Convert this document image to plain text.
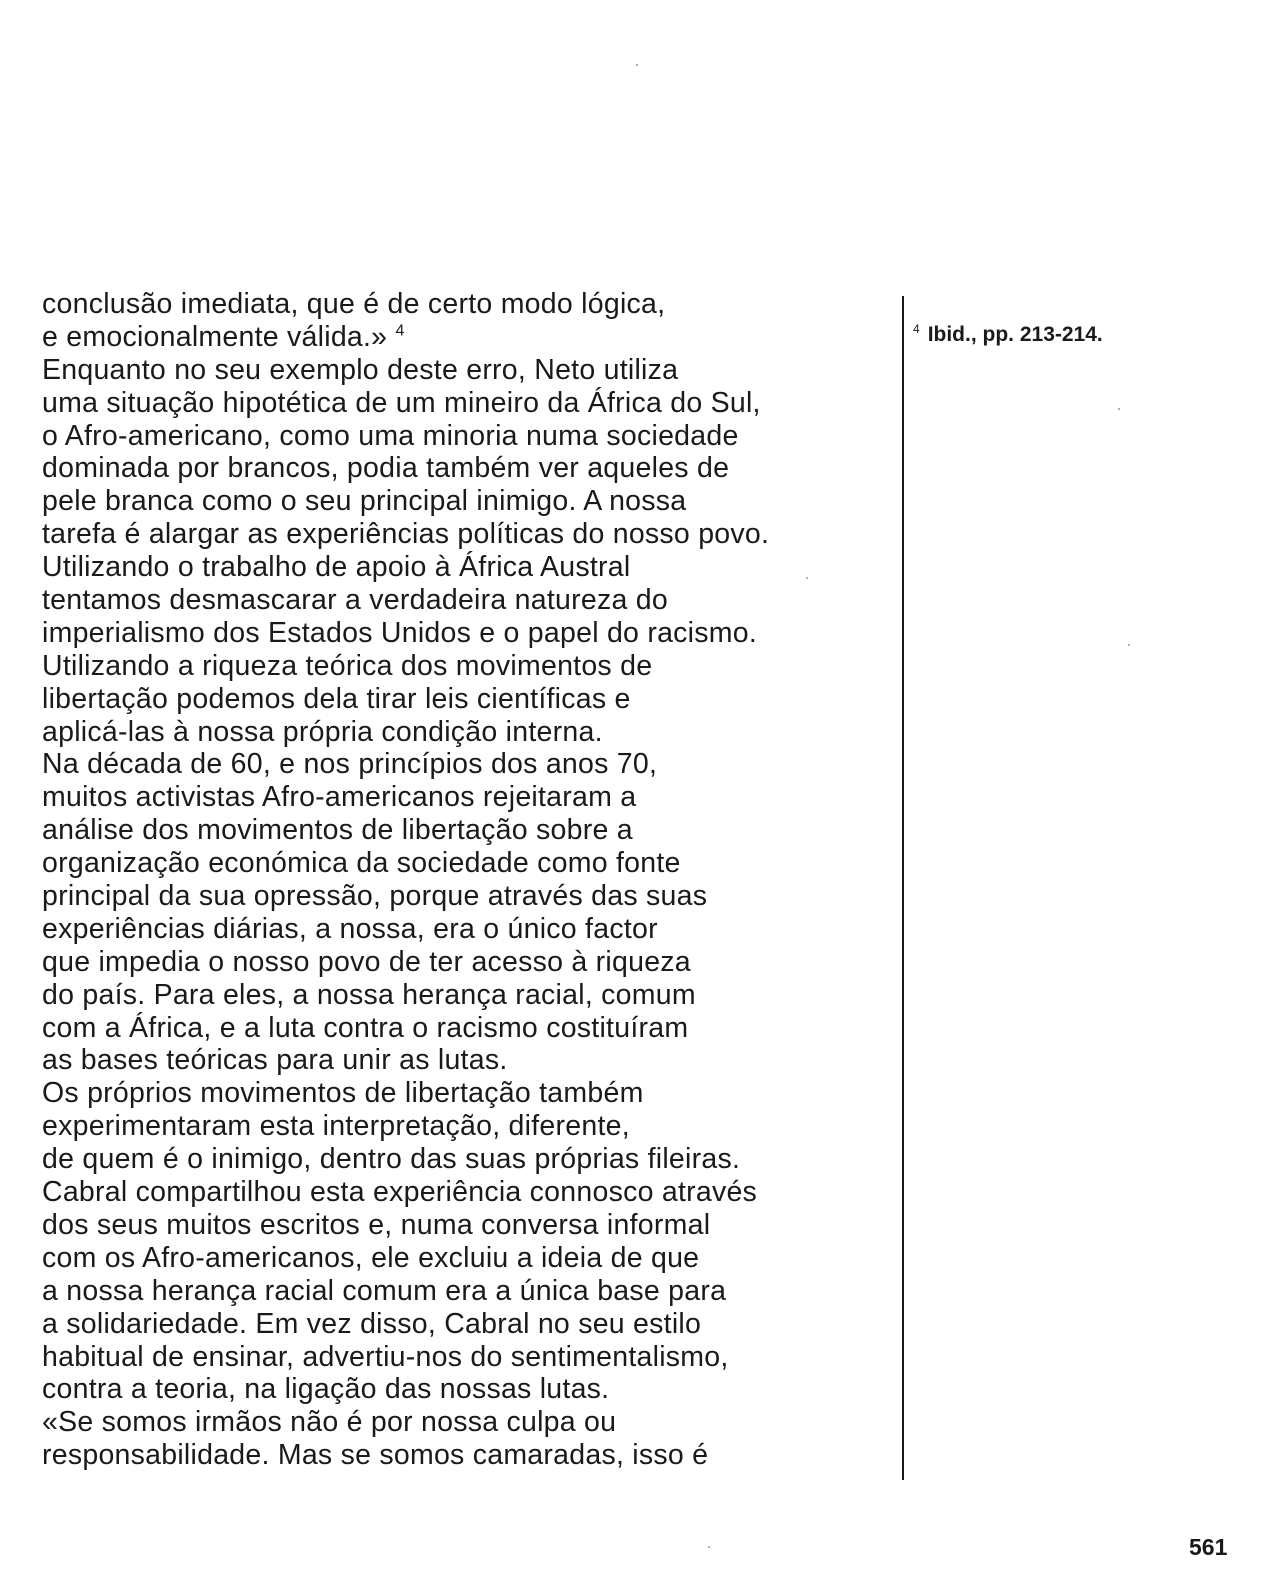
conclusão imediata, que é de certo modo lógica,
e emocionalmente válida.» $^4$
Enquanto no seu exemplo deste erro, Neto utiliza
uma situação hipotética de um mineiro da África do Sul,
o Afro-americano, como uma minoria numa sociedade
dominada por brancos, podia também ver aqueles de
pele branca como o seu principal inimigo. A nossa
tarefa é alargar as experiências políticas do nosso povo.
Utilizando o trabalho de apoio à África Austral
tentamos desmascarar a verdadeira natureza do
imperialismo dos Estados Unidos e o papel do racismo.
Utilizando a riqueza teórica dos movimentos de
libertação podemos dela tirar leis científicas e
aplicá-las à nossa própria condição interna.
Na década de 60, e nos princípios dos anos 70,
muitos activistas Afro-americanos rejeitaram a
análise dos movimentos de libertação sobre a
organização económica da sociedade como fonte
principal da sua opressão, porque através das suas
experiências diárias, a nossa, era o único factor
que impedia o nosso povo de ter acesso à riqueza
do país. Para eles, a nossa herança racial, comum
com a África, e a luta contra o racismo costituíram
as bases teóricas para unir as lutas.
Os próprios movimentos de libertação também
experimentaram esta interpretação, diferente,
de quem é o inimigo, dentro das suas próprias fileiras.
Cabral compartilhou esta experiência connosco através
dos seus muitos escritos e, numa conversa informal
com os Afro-americanos, ele excluiu a ideia de que
a nossa herança racial comum era a única base para
a solidariedade. Em vez disso, Cabral no seu estilo
habitual de ensinar, advertiu-nos do sentimentalismo,
contra a teoria, na ligação das nossas lutas.
«Se somos irmãos não é por nossa culpa ou
responsabilidade. Mas se somos camaradas, isso é
$^4$ Ibid., pp. 213-214.
561
